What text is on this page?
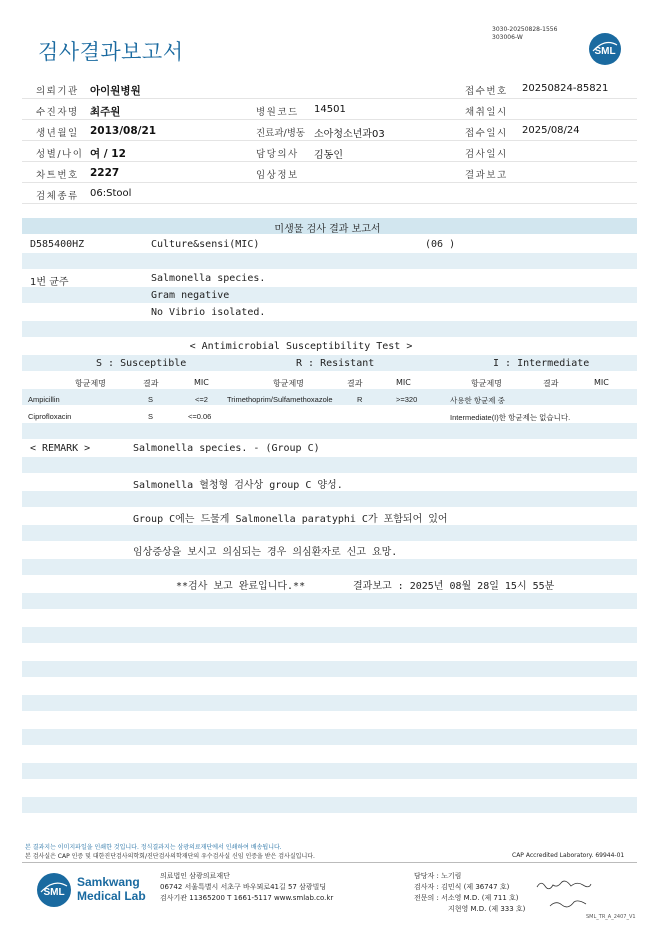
검사결과보고서
3030-20250828-1556
303006-W
SML
의뢰기관 아이원병원	접수번호 20250824-85821
수진자명 최주원	병원코드 14501	채취일시
생년월일 2013/08/21	진료과/병동 소아청소년과03	접수일시 2025/08/24
성별/나이 여 / 12	담당의사 김동인	검사일시
차트번호 2227	임상정보	결과보고
검체종류 06:Stool
미생물 검사 결과 보고서
D585400HZ	Culture&sensi(MIC)	(06 )
1번 균주	Salmonella species.
Gram negative
No Vibrio isolated.
< Antimicrobial Susceptibility Test >
S : Susceptible	R : Resistant	I : Intermediate
항균제명	결과	MIC	항균제명	결과	MIC	항균제명	결과	MIC
Ampicillin	S	<=2	Trimethoprim/Sulfamethoxazole	R	>=320	사용한 항균제 중
Ciprofloxacin	S	<=0.06	Intermediate(I)한 항균제는 없습니다.
< REMARK >	Salmonella species. - (Group C)
Salmonella 혈청형 검사상 group C 양성.
Group C에는 드물게 Salmonella paratyphi C가 포함되어 있어
임상증상을 보시고 의심되는 경우 의심환자로 신고 요망.
**검사 보고 완료입니다.**	결과보고 : 2025년 08월 28일 15시 55분
본 결과지는 이미지파일을 인쇄한 것입니다. 정식결과지는 삼광의료재단에서 인쇄하여 배송됩니다.
본 검사실은 CAP 인증 및 대한진단검사의학회/진단검사의학재단의 우수검사실 신임 인증을 받은 검사실입니다.	CAP Accredited Laboratory. 69944-01
SML
Samkwang
Medical Lab
의료법인 삼광의료재단
06742 서울특별시 서초구 바우뫼로41길 57 삼광빌딩
검사기관 11365200 T 1661-5117 www.smlab.co.kr
담당자 : 노기림
검사자 : 김민식 (제 36747 호)
전문의 : 서소영 M.D. (제 711 호)
지현영 M.D. (제 333 호)
SML_TR_A_2407_V1
